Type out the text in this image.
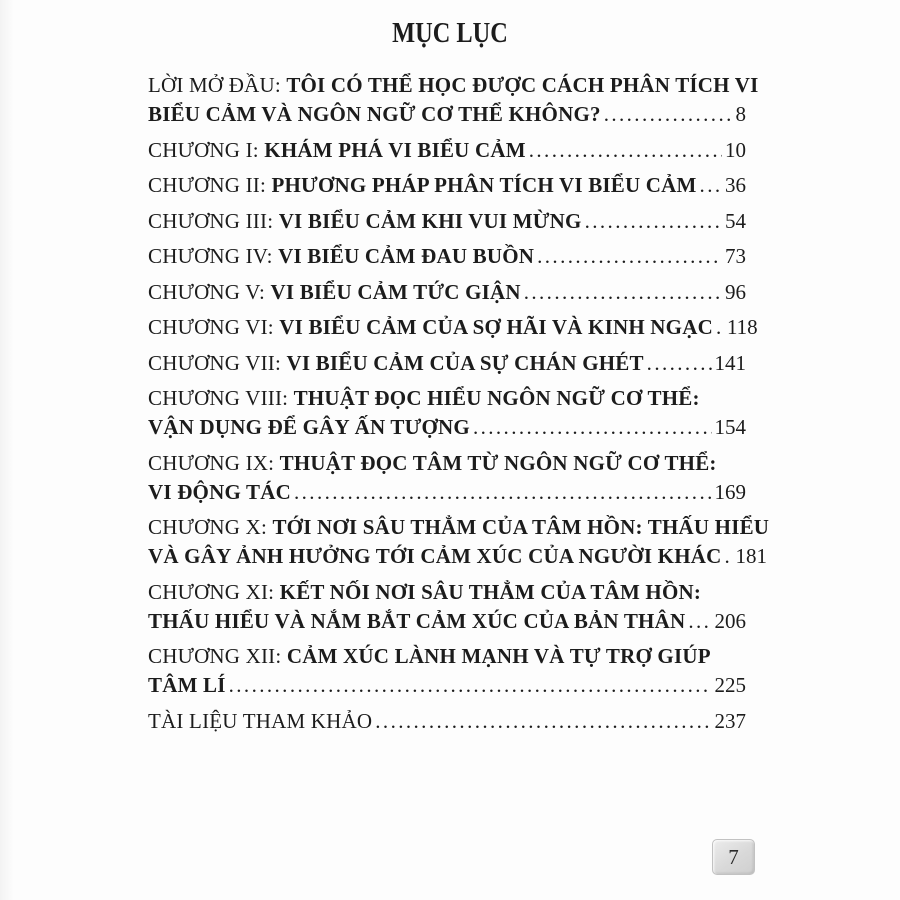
MỤC LỤC
LỜI MỞ ĐẦU: TÔI CÓ THỂ HỌC ĐƯỢC CÁCH PHÂN TÍCH VI
BIỂU CẢM VÀ NGÔN NGỮ CƠ THỂ KHÔNG? .....	8
CHƯƠNG I: KHÁM PHÁ VI BIỂU CẢM .....	10
CHƯƠNG II: PHƯƠNG PHÁP PHÂN TÍCH VI BIỂU CẢM ..... 36
CHƯƠNG III: VI BIỂU CẢM KHI VUI MỪNG .....	54
CHƯƠNG IV: VI BIỂU CẢM ĐAU BUỒN .....	73
CHƯƠNG V: VI BIỂU CẢM TỨC GIẬN .....	96
CHƯƠNG VI: VI BIỂU CẢM CỦA SỢ HÃI VÀ KINH NGẠC ..... 118
CHƯƠNG VII: VI BIỂU CẢM CỦA SỰ CHÁN GHÉT .....	141
CHƯƠNG VIII: THUẬT ĐỌC HIỂU NGÔN NGỮ CƠ THỂ:
VẬN DỤNG ĐỂ GÂY ẤN TƯỢNG .....	154
CHƯƠNG IX: THUẬT ĐỌC TÂM TỪ NGÔN NGỮ CƠ THỂ:
VI ĐỘNG TÁC .....	169
CHƯƠNG X: TỚI NƠI SÂU THẲM CỦA TÂM HỒN: THẤU HIỂU
VÀ GÂY ẢNH HƯỞNG TỚI CẢM XÚC CỦA NGƯỜI KHÁC ..... 181
CHƯƠNG XI: KẾT NỐI NƠI SÂU THẲM CỦA TÂM HỒN:
THẤU HIỂU VÀ NẮM BẮT CẢM XÚC CỦA BẢN THÂN ..... 206
CHƯƠNG XII: CẢM XÚC LÀNH MẠNH VÀ TỰ TRỢ GIÚP
TÂM LÍ .....	225
TÀI LIỆU THAM KHẢO .....	237
7
